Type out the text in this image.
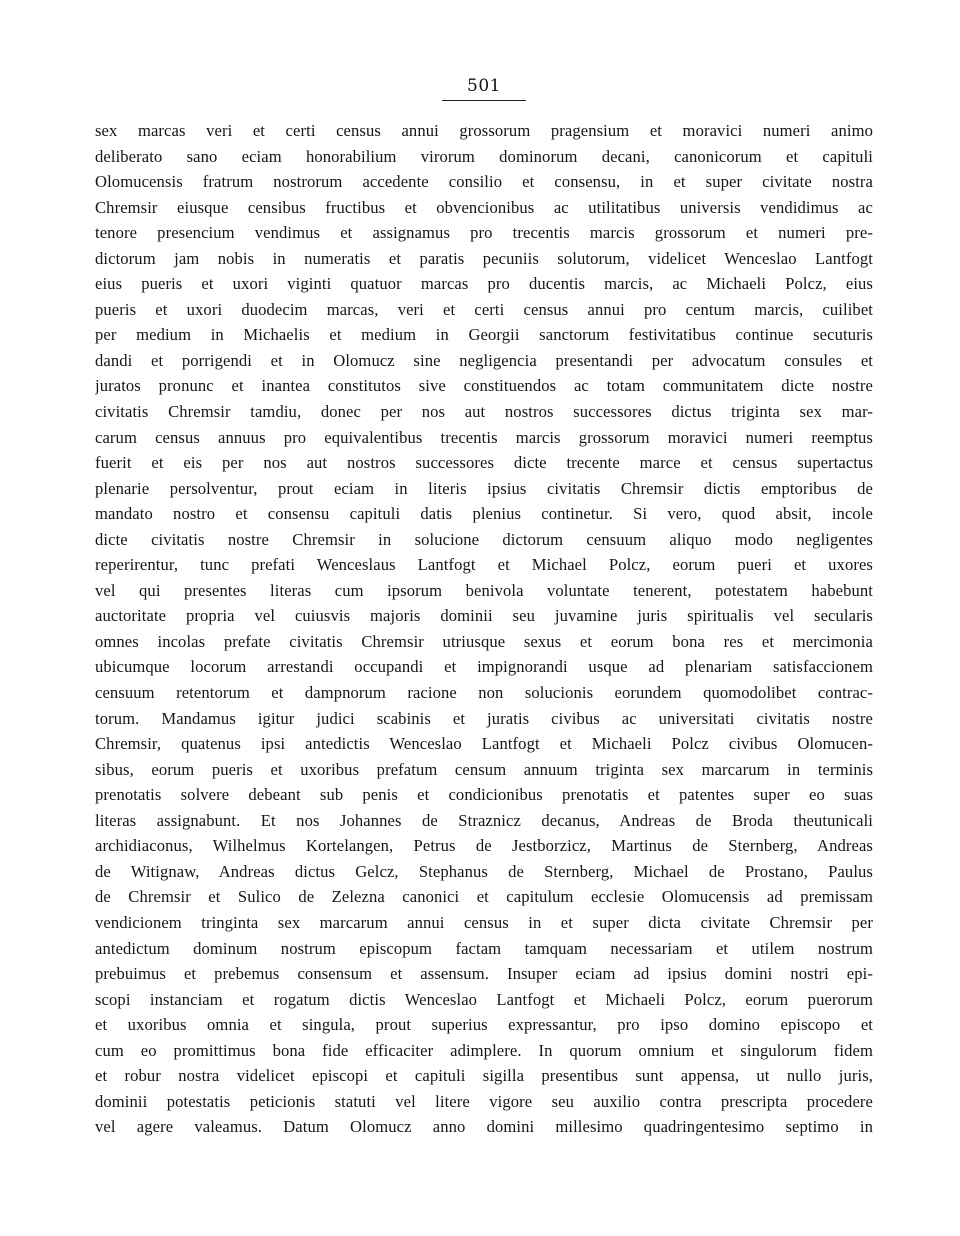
501
sex marcas veri et certi census annui grossorum pragensium et moravici numeri animo
deliberato sano eciam honorabilium virorum dominorum decani, canonicorum et capituli
Olomucensis fratrum nostrorum accedente consilio et consensu, in et super civitate nostra
Chremsir eiusque censibus fructibus et obvencionibus ac utilitatibus universis vendidimus ac
tenore presencium vendimus et assignamus pro trecentis marcis grossorum et numeri pre-
dictorum jam nobis in numeratis et paratis pecuniis solutorum, videlicet Wenceslao Lantfogt
eius pueris et uxori viginti quatuor marcas pro ducentis marcis, ac Michaeli Polcz, eius
pueris et uxori duodecim marcas, veri et certi census annui pro centum marcis, cuilibet
per medium in Michaelis et medium in Georgii sanctorum festivitatibus continue secuturis
dandi et porrigendi et in Olomucz sine negligencia presentandi per advocatum consules et
juratos pronunc et inantea constitutos sive constituendos ac totam communitatem dicte nostre
civitatis Chremsir tamdiu, donec per nos aut nostros successores dictus triginta sex mar-
carum census annuus pro equivalentibus trecentis marcis grossorum moravici numeri reemptus
fuerit et eis per nos aut nostros successores dicte trecente marce et census supertactus
plenarie persolventur, prout eciam in literis ipsius civitatis Chremsir dictis emptoribus de
mandato nostro et consensu capituli datis plenius continetur. Si vero, quod absit, incole
dicte civitatis nostre Chremsir in solucione dictorum censuum aliquo modo negligentes
reperirentur, tunc prefati Wenceslaus Lantfogt et Michael Polcz, eorum pueri et uxores
vel qui presentes literas cum ipsorum benivola voluntate tenerent, potestatem habebunt
auctoritate propria vel cuiusvis majoris dominii seu juvamine juris spiritualis vel secularis
omnes incolas prefate civitatis Chremsir utriusque sexus et eorum bona res et mercimonia
ubicumque locorum arrestandi occupandi et impignorandi usque ad plenariam satisfaccionem
censuum retentorum et dampnorum racione non solucionis eorundem quomodolibet contrac-
torum. Mandamus igitur judici scabinis et juratis civibus ac universitati civitatis nostre
Chremsir, quatenus ipsi antedictis Wenceslao Lantfogt et Michaeli Polcz civibus Olomucen-
sibus, eorum pueris et uxoribus prefatum censum annuum triginta sex marcarum in terminis
prenotatis solvere debeant sub penis et condicionibus prenotatis et patentes super eo suas
literas assignabunt. Et nos Johannes de Straznicz decanus, Andreas de Broda theutunicali
archidiaconus, Wilhelmus Kortelangen, Petrus de Jestborzicz, Martinus de Sternberg, Andreas
de Witignaw, Andreas dictus Gelcz, Stephanus de Sternberg, Michael de Prostano, Paulus
de Chremsir et Sulico de Zelezna canonici et capitulum ecclesie Olomucensis ad premissam
vendicionem tringinta sex marcarum annui census in et super dicta civitate Chremsir per
antedictum dominum nostrum episcopum factam tamquam necessariam et utilem nostrum
prebuimus et prebemus consensum et assensum. Insuper eciam ad ipsius domini nostri epi-
scopi instanciam et rogatum dictis Wenceslao Lantfogt et Michaeli Polcz, eorum puerorum
et uxoribus omnia et singula, prout superius expressantur, pro ipso domino episcopo et
cum eo promittimus bona fide efficaciter adimplere. In quorum omnium et singulorum fidem
et robur nostra videlicet episcopi et capituli sigilla presentibus sunt appensa, ut nullo juris,
dominii potestatis peticionis statuti vel litere vigore seu auxilio contra prescripta procedere
vel agere valeamus. Datum Olomucz anno domini millesimo quadringentesimo septimo in
